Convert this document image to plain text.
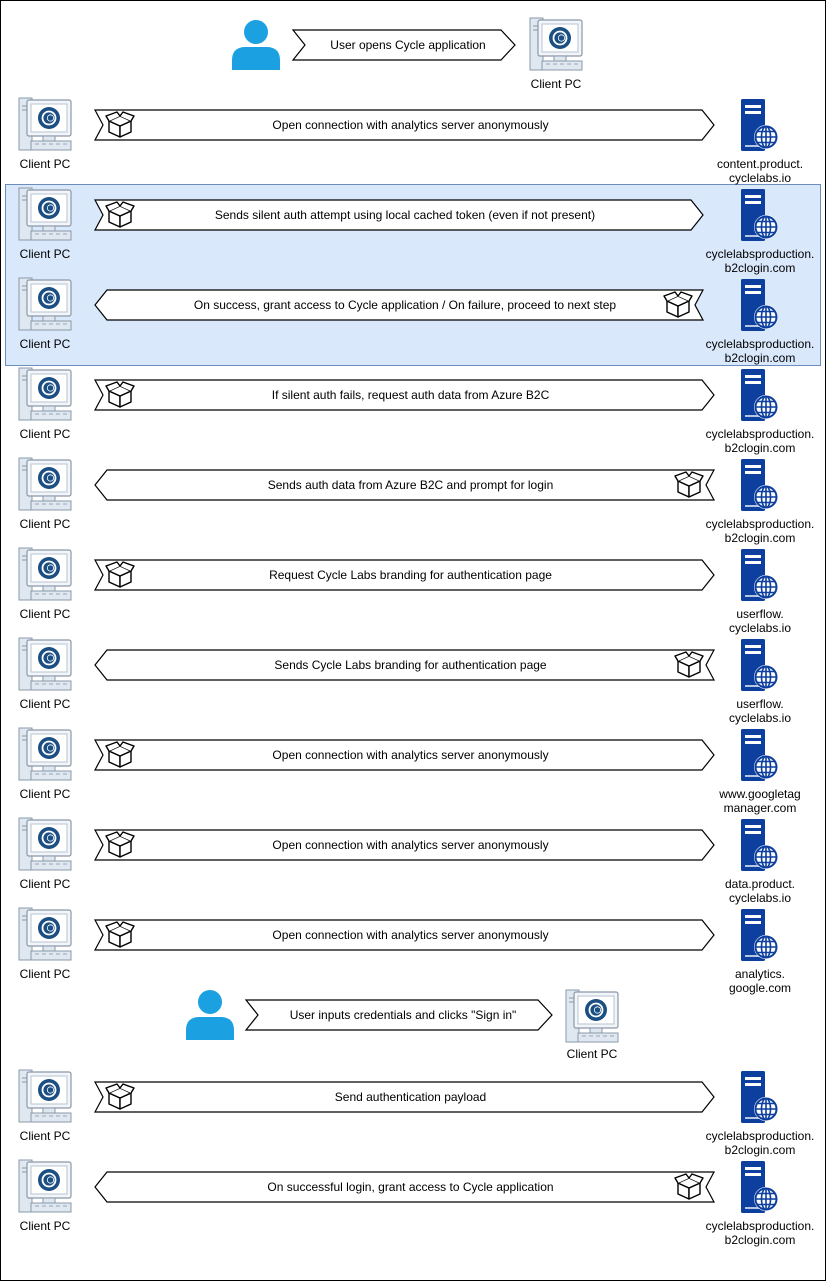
User opens Cycle application
Client PC
User inputs credentials and clicks "Sign in"
Client PC
Client PC
Open connection with analytics server anonymously
content.product.
cyclelabs.io
Client PC
Sends silent auth attempt using local cached token (even if not present)
cyclelabsproduction.
b2clogin.com
Client PC
On success, grant access to Cycle application / On failure, proceed to next step
cyclelabsproduction.
b2clogin.com
Client PC
If silent auth fails, request auth data from Azure B2C
cyclelabsproduction.
b2clogin.com
Client PC
Sends auth data from Azure B2C and prompt for login
cyclelabsproduction.
b2clogin.com
Client PC
Request Cycle Labs branding for authentication page
userflow.
cyclelabs.io
Client PC
Sends Cycle Labs branding for authentication page
userflow.
cyclelabs.io
Client PC
Open connection with analytics server anonymously
www.googletag
manager.com
Client PC
Open connection with analytics server anonymously
data.product.
cyclelabs.io
Client PC
Open connection with analytics server anonymously
analytics.
google.com
Client PC
Send authentication payload
cyclelabsproduction.
b2clogin.com
Client PC
On successful login, grant access to Cycle application
cyclelabsproduction.
b2clogin.com
